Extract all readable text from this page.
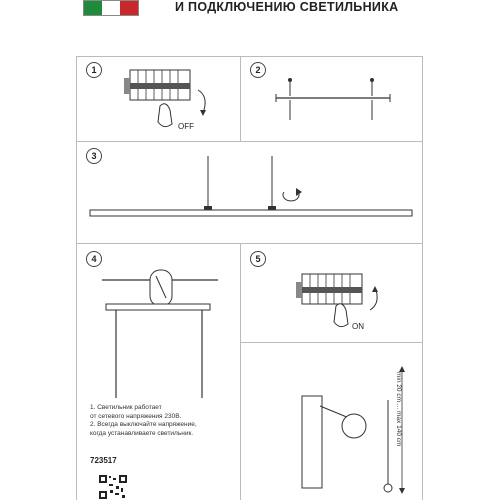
И ПОДКЛЮЧЕНИЮ СВЕТИЛЬНИКА
1	2
3
4	5
OFF
ON
min 20 cm ... max 140 cm
1. Светильник работает
от сетевого напряжения 230В.
2. Всегда выключайте напряжение,
когда устанавливаете светильник.
723517
